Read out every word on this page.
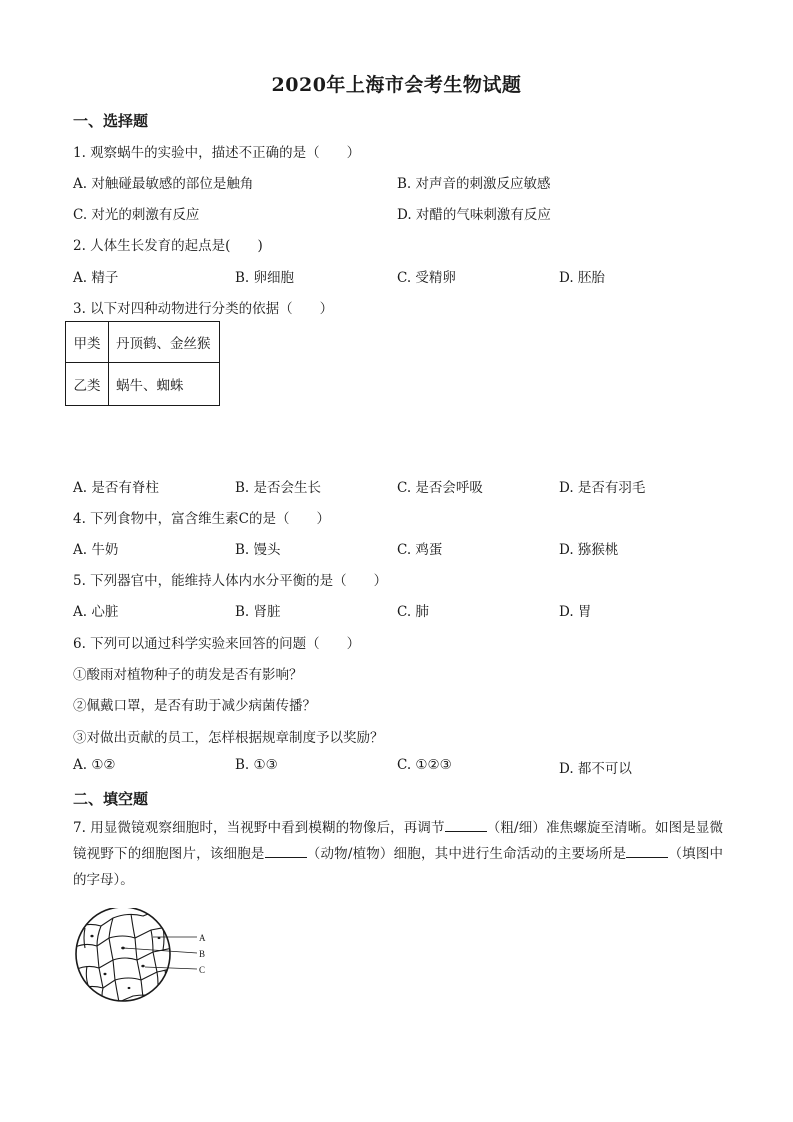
2020年上海市会考生物试题
一、选择题
1. 观察蜗牛的实验中，描述不正确的是（　　）
A. 对触碰最敏感的部位是触角	B. 对声音的刺激反应敏感
C. 对光的刺激有反应	D. 对醋的气味刺激有反应
2. 人体生长发育的起点是(　　)
A. 精子	B. 卵细胞	C. 受精卵	D. 胚胎
3. 以下对四种动物进行分类的依据（　　）
甲类	丹顶鹤、金丝猴
乙类	蜗牛、蜘蛛
A. 是否有脊柱	B. 是否会生长	C. 是否会呼吸	D. 是否有羽毛
4. 下列食物中，富含维生素C的是（　　）
A. 牛奶	B. 馒头	C. 鸡蛋	D. 猕猴桃
5. 下列器官中，能维持人体内水分平衡的是（　　）
A. 心脏	B. 肾脏	C. 肺	D. 胃
6. 下列可以通过科学实验来回答的问题（　　）
①酸雨对植物种子的萌发是否有影响？
②佩戴口罩，是否有助于减少病菌传播？
③对做出贡献的员工，怎样根据规章制度予以奖励？
A. ①②	B. ①③	C. ①②③	D. 都不可以
二、填空题
7. 用显微镜观察细胞时，当视野中看到模糊的物像后，再调节	（粗/细）准焦螺旋至清晰。如图是显微镜视野下的细胞图片，该细胞是	（动物/植物）细胞，其中进行生命活动的主要场所是	（填图中的字母）。
A
B
C
